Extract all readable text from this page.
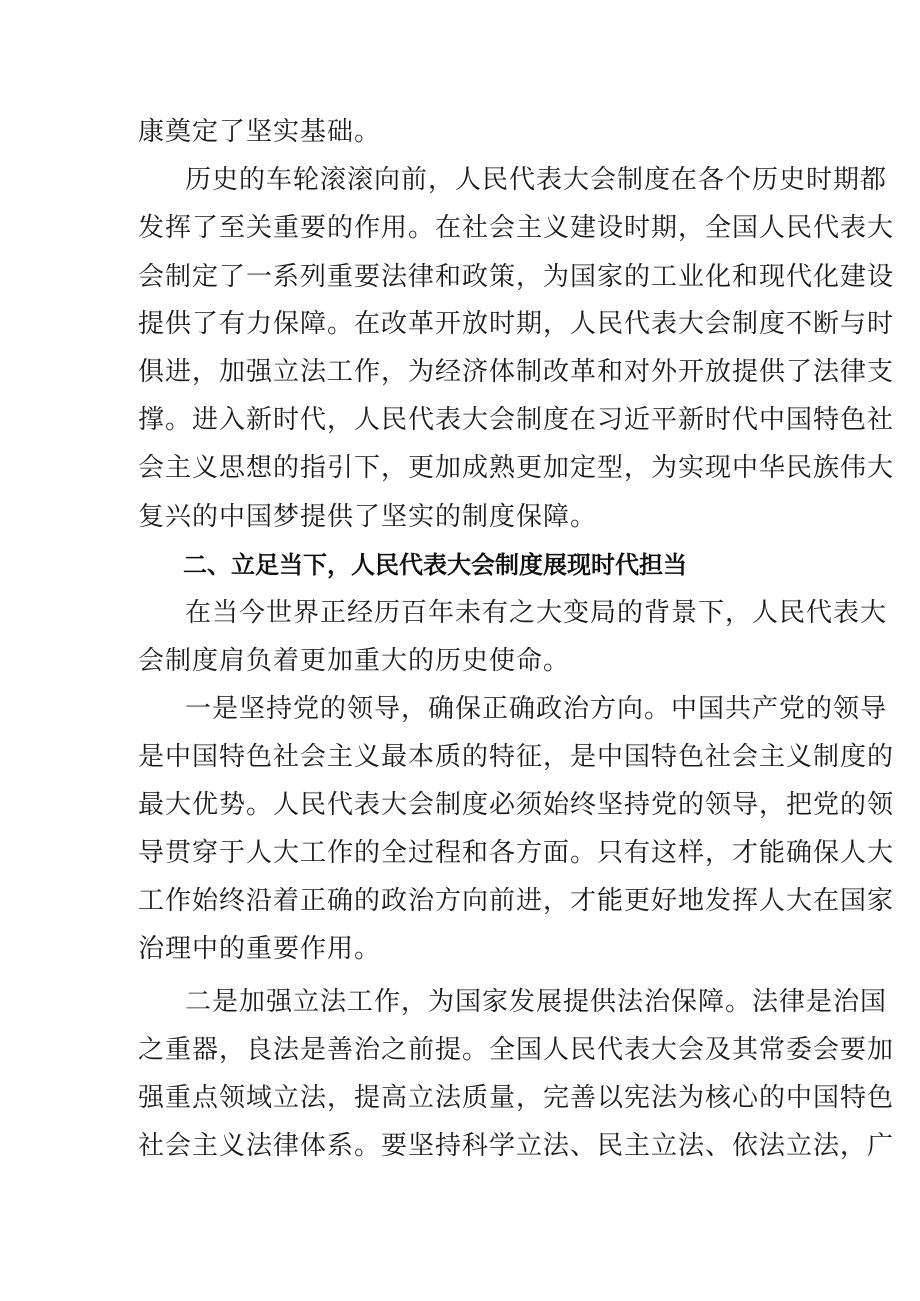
康奠定了坚实基础。
历史的车轮滚滚向前，人民代表大会制度在各个历史时期都
发挥了至关重要的作用。在社会主义建设时期，全国人民代表大
会制定了一系列重要法律和政策，为国家的工业化和现代化建设
提供了有力保障。在改革开放时期，人民代表大会制度不断与时
俱进，加强立法工作，为经济体制改革和对外开放提供了法律支
撑。进入新时代，人民代表大会制度在习近平新时代中国特色社
会主义思想的指引下，更加成熟更加定型，为实现中华民族伟大
复兴的中国梦提供了坚实的制度保障。
二、立足当下，人民代表大会制度展现时代担当
在当今世界正经历百年未有之大变局的背景下，人民代表大
会制度肩负着更加重大的历史使命。
一是坚持党的领导，确保正确政治方向。中国共产党的领导
是中国特色社会主义最本质的特征，是中国特色社会主义制度的
最大优势。人民代表大会制度必须始终坚持党的领导，把党的领
导贯穿于人大工作的全过程和各方面。只有这样，才能确保人大
工作始终沿着正确的政治方向前进，才能更好地发挥人大在国家
治理中的重要作用。
二是加强立法工作，为国家发展提供法治保障。法律是治国
之重器，良法是善治之前提。全国人民代表大会及其常委会要加
强重点领域立法，提高立法质量，完善以宪法为核心的中国特色
社会主义法律体系。要坚持科学立法、民主立法、依法立法，广
